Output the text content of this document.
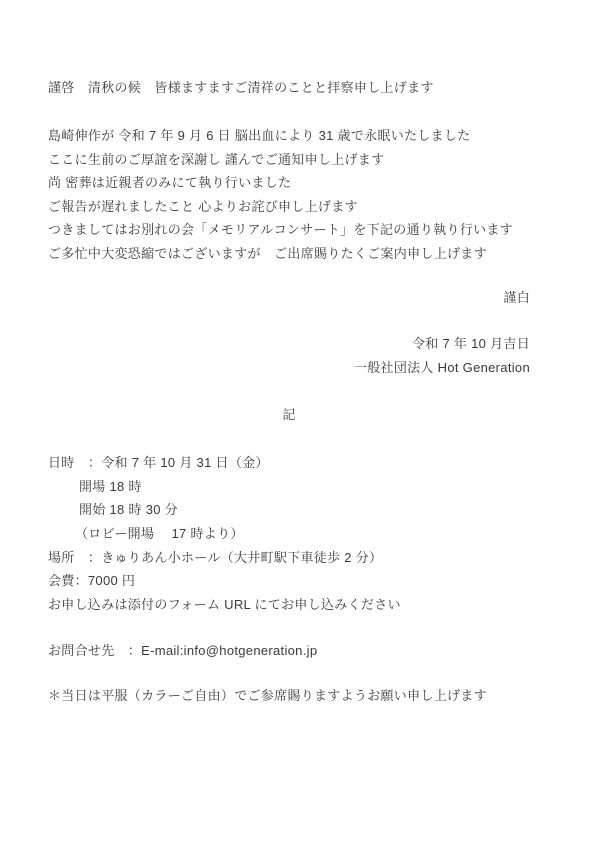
謹啓　清秋の候　皆様ますますご清祥のことと拝察申し上げます
島崎伸作が 令和 7 年 9 月 6 日 脳出血により 31 歳で永眠いたしました
ここに生前のご厚誼を深謝し 謹んでご通知申し上げます
尚 密葬は近親者のみにて執り行いました
ご報告が遅れましたこと 心よりお詫び申し上げます
つきましてはお別れの会「メモリアルコンサート」を下記の通り執り行います
ご多忙中大変恐縮ではございますが　ご出席賜りたくご案内申し上げます
謹白
令和 7 年 10 月吉日
一般社団法人 Hot Generation
記
日時　：令和 7 年 10 月 31 日（金）
開場 18 時
開始 18 時 30 分
（ロビー開場　 17 時より）
場所　：きゅりあん小ホール（大井町駅下車徒歩 2 分）
会費：7000 円
お申し込みは添付のフォーム URL にてお申し込みください
お問合せ先　：E-mail:info@hotgeneration.jp
＊当日は平服（カラーご自由）でご参席賜りますようお願い申し上げます
